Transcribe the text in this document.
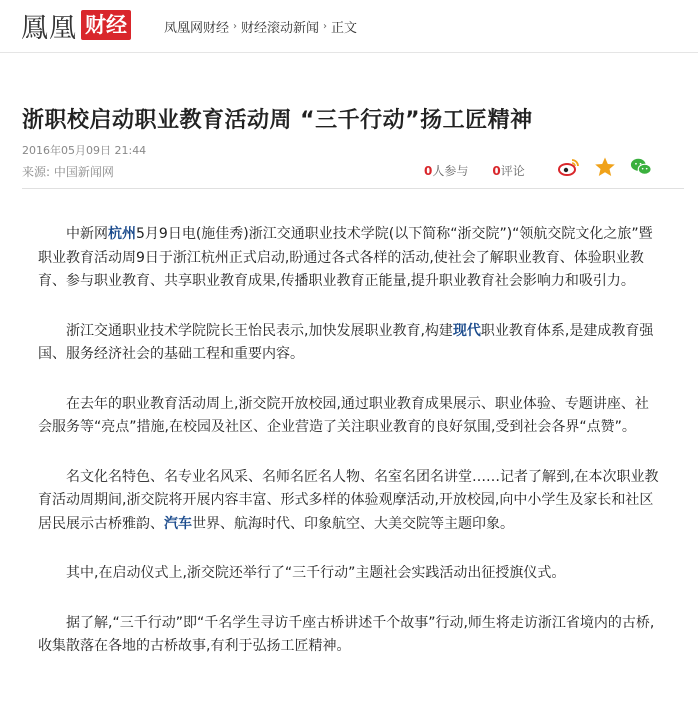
鳳凰 财经	凤凰网财经 › 财经滚动新闻 › 正文
浙职校启动职业教育活动周 “三千行动”扬工匠精神
2016年05月09日 21:44
来源: 中国新闻网	0人参与 0评论

中新网杭州5月9日电(施佳秀)浙江交通职业技术学院(以下简称“浙交院”)“领航交院文化之旅”暨职业教育活动周9日于浙江杭州正式启动,盼通过各式各样的活动,使社会了解职业教育、体验职业教育、参与职业教育、共享职业教育成果,传播职业教育正能量,提升职业教育社会影响力和吸引力。

浙江交通职业技术学院院长王怡民表示,加快发展职业教育,构建现代职业教育体系,是建成教育强国、服务经济社会的基础工程和重要内容。

在去年的职业教育活动周上,浙交院开放校园,通过职业教育成果展示、职业体验、专题讲座、社会服务等“亮点”措施,在校园及社区、企业营造了关注职业教育的良好氛围,受到社会各界“点赞”。

名文化名特色、名专业名风采、名师名匠名人物、名室名团名讲堂……记者了解到,在本次职业教育活动周期间,浙交院将开展内容丰富、形式多样的体验观摩活动,开放校园,向中小学生及家长和社区居民展示古桥雅韵、汽车世界、航海时代、印象航空、大美交院等主题印象。

其中,在启动仪式上,浙交院还举行了“三千行动”主题社会实践活动出征授旗仪式。

据了解,“三千行动”即“千名学生寻访千座古桥讲述千个故事”行动,师生将走访浙江省境内的古桥,收集散落在各地的古桥故事,有利于弘扬工匠精神。
